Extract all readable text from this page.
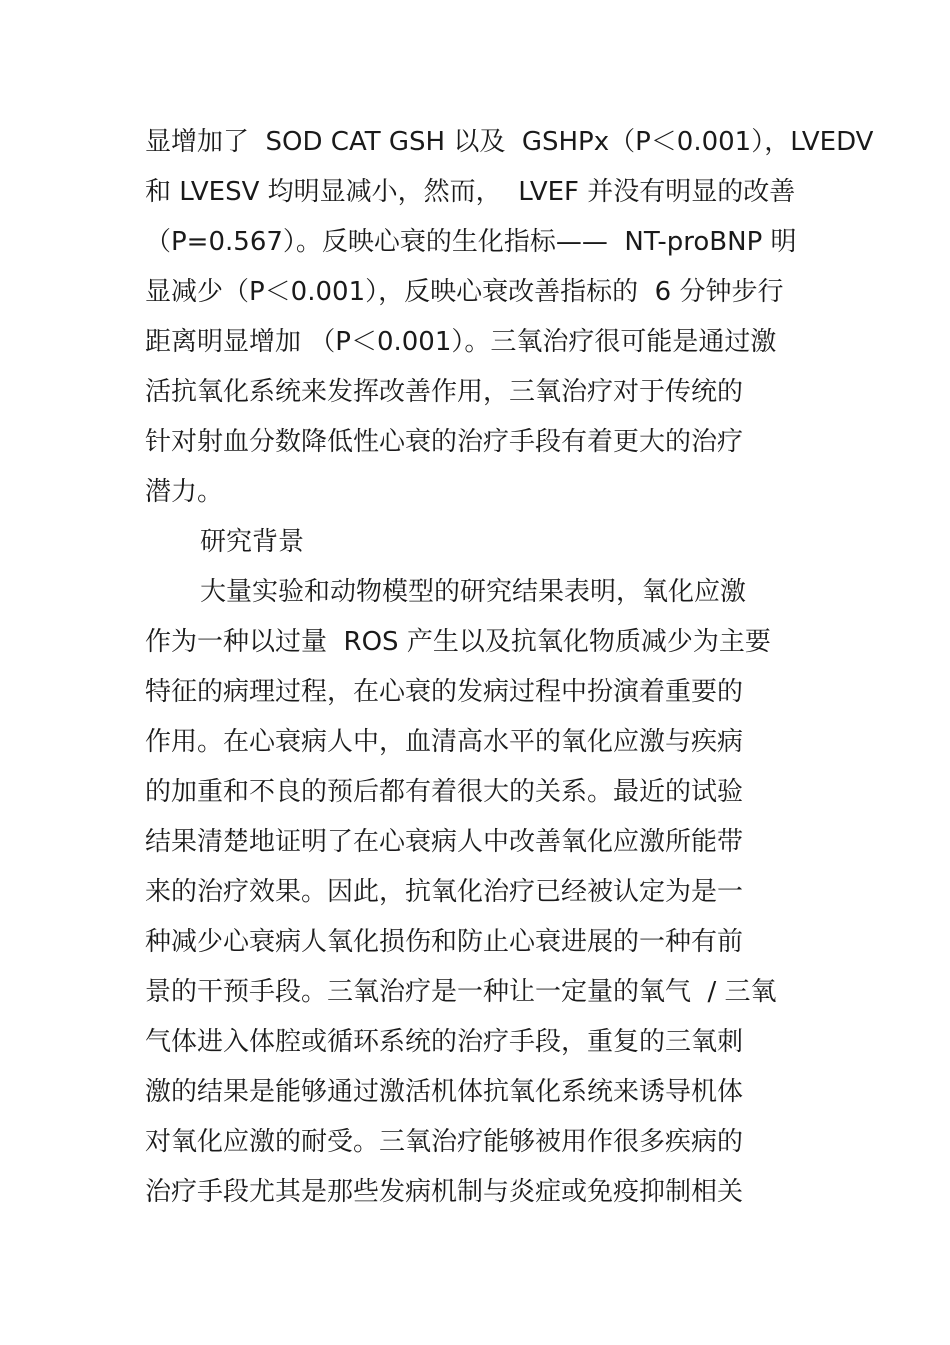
显增加了  SOD CAT GSH 以及  GSHPx（P＜0.001），LVEDV
和 LVESV 均明显减小，然而，  LVEF 并没有明显的改善
（P=0.567）。反映心衰的生化指标——  NT-proBNP 明
显减少（P＜0.001），反映心衰改善指标的  6 分钟步行
距离明显增加 （P＜0.001）。三氧治疗很可能是通过激
活抗氧化系统来发挥改善作用，三氧治疗对于传统的
针对射血分数降低性心衰的治疗手段有着更大的治疗
潜力。
研究背景
大量实验和动物模型的研究结果表明，氧化应激
作为一种以过量  ROS 产生以及抗氧化物质减少为主要
特征的病理过程，在心衰的发病过程中扮演着重要的
作用。在心衰病人中，血清高水平的氧化应激与疾病
的加重和不良的预后都有着很大的关系。最近的试验
结果清楚地证明了在心衰病人中改善氧化应激所能带
来的治疗效果。因此，抗氧化治疗已经被认定为是一
种减少心衰病人氧化损伤和防止心衰进展的一种有前
景的干预手段。三氧治疗是一种让一定量的氧气  / 三氧
气体进入体腔或循环系统的治疗手段，重复的三氧刺
激的结果是能够通过激活机体抗氧化系统来诱导机体
对氧化应激的耐受。三氧治疗能够被用作很多疾病的
治疗手段尤其是那些发病机制与炎症或免疫抑制相关
